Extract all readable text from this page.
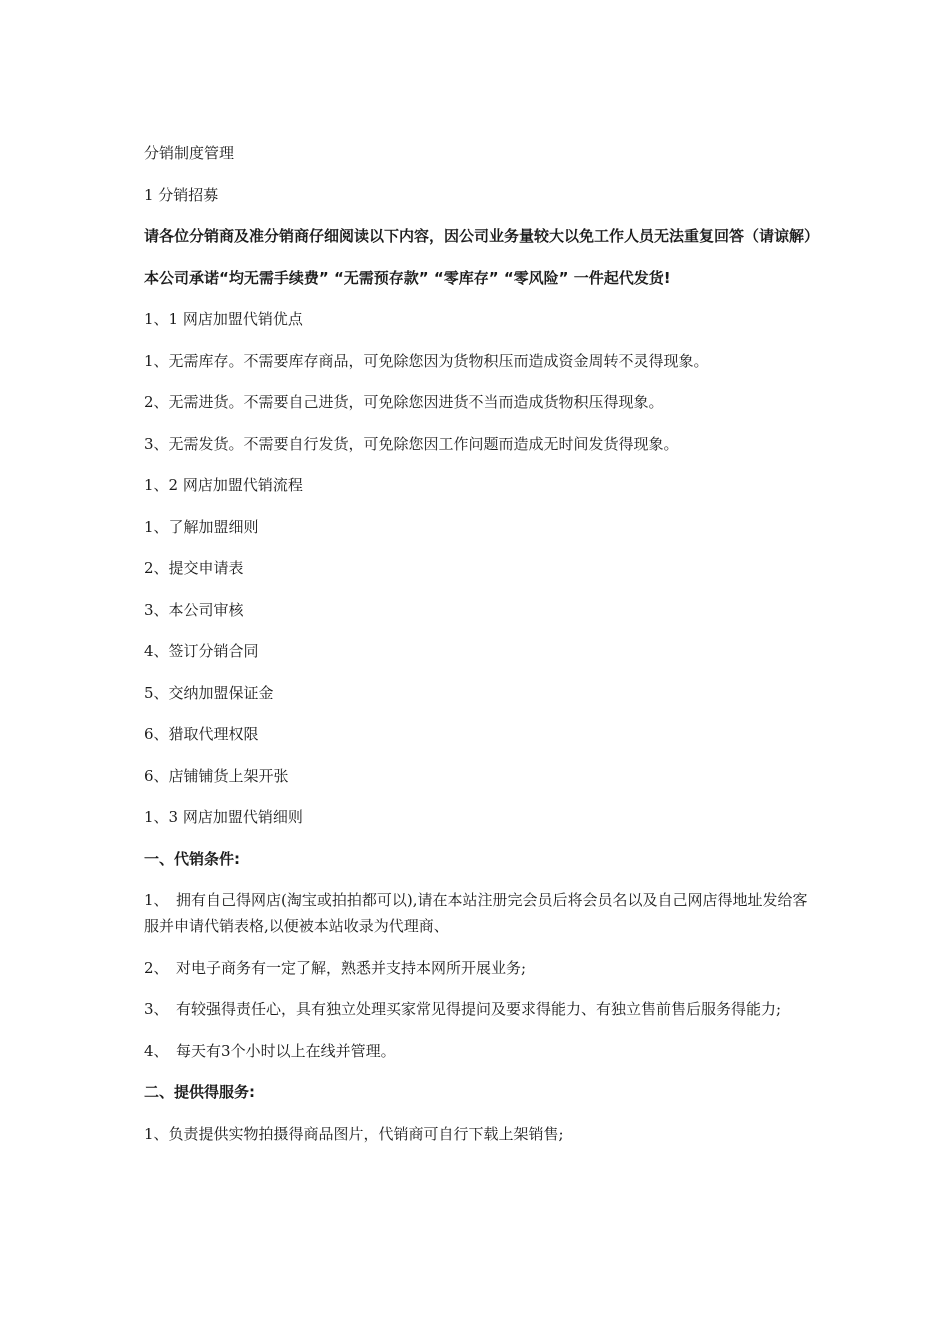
分销制度管理

1 分销招募

请各位分销商及准分销商仔细阅读以下内容，因公司业务量较大以免工作人员无法重复回答（请谅解）

本公司承诺“均无需手续费” “无需预存款” “零库存” “零风险” 一件起代发货!

1、1 网店加盟代销优点

1、无需库存。不需要库存商品，可免除您因为货物积压而造成资金周转不灵得现象。

2、无需进货。不需要自己进货，可免除您因进货不当而造成货物积压得现象。

3、无需发货。不需要自行发货，可免除您因工作问题而造成无时间发货得现象。

1、2 网店加盟代销流程

1、了解加盟细则

2、提交申请表

3、本公司审核

4、签订分销合同

5、交纳加盟保证金

6、猎取代理权限

6、店铺铺货上架开张

1、3 网店加盟代销细则

一、代销条件:

1、　拥有自己得网店(淘宝或拍拍都可以),请在本站注册完会员后将会员名以及自己网店得地址发给客服并申请代销表格,以便被本站收录为代理商、

2、　对电子商务有一定了解，熟悉并支持本网所开展业务;

3、　有较强得责任心，具有独立处理买家常见得提问及要求得能力、有独立售前售后服务得能力;

4、　每天有3个小时以上在线并管理。

二、提供得服务:

1、负责提供实物拍摄得商品图片，代销商可自行下载上架销售;
